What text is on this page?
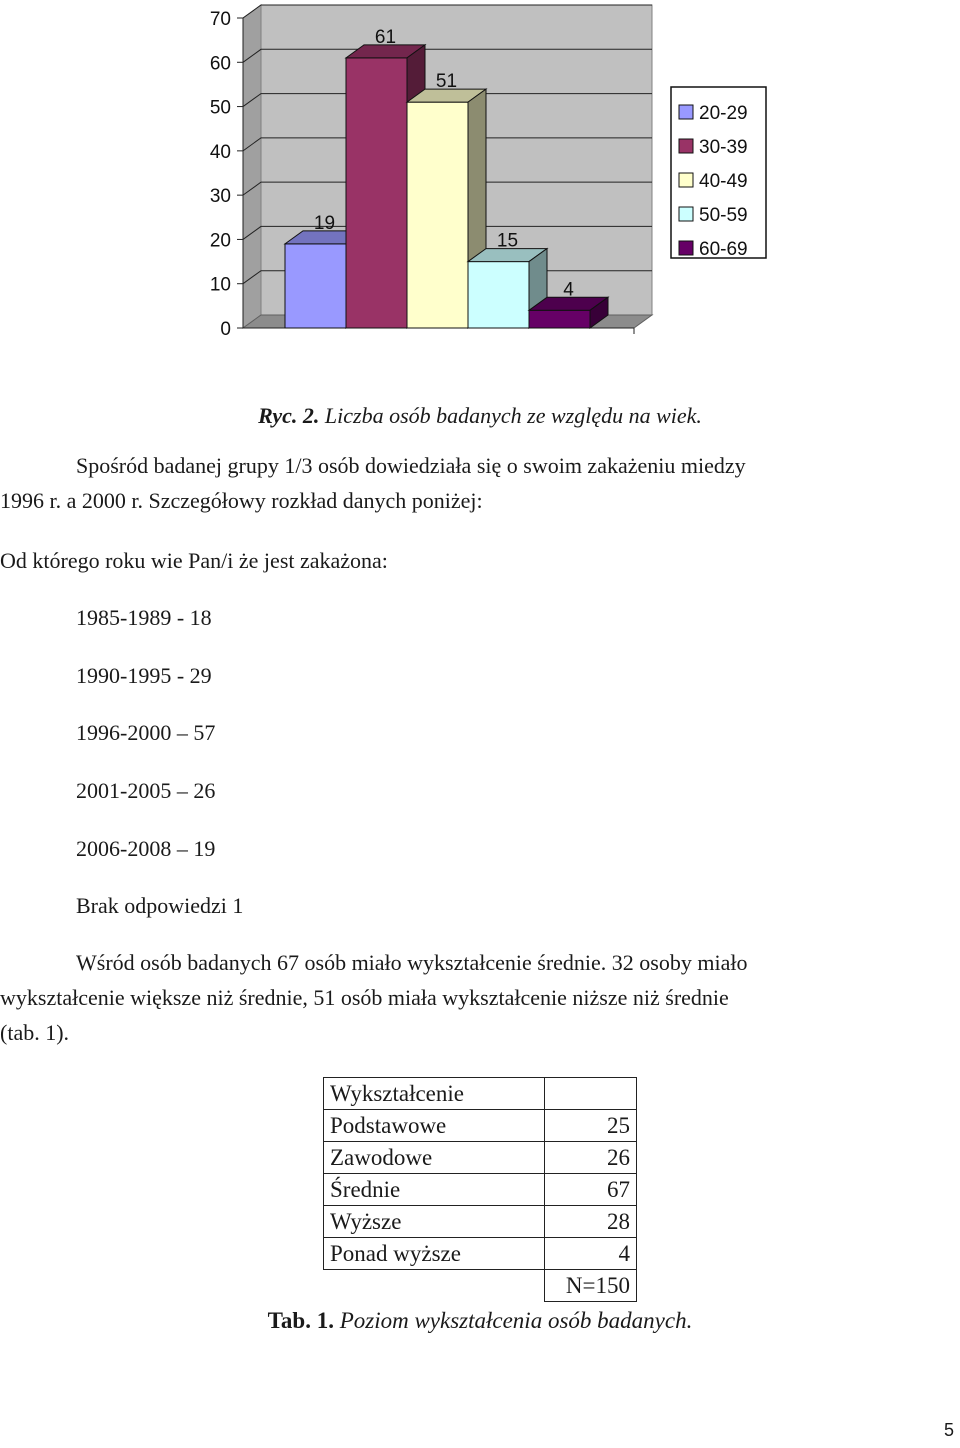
0
10
20
30
40
50
60
70
19
61
51
15
4
20-29
30-39
40-49
50-59
60-69
Ryc. 2. Liczba osób badanych ze względu na wiek.
Spośród badanej grupy 1/3 osób dowiedziała się o swoim zakażeniu miedzy
1996 r. a 2000 r. Szczegółowy rozkład danych poniżej:
Od którego roku wie Pan/i że jest zakażona:
1985-1989 - 18
1990-1995 - 29
1996-2000 – 57
2001-2005 – 26
2006-2008 – 19
Brak odpowiedzi 1
Wśród osób badanych 67 osób miało wykształcenie średnie. 32 osoby miało
wykształcenie większe niż średnie, 51 osób miała wykształcenie niższe niż średnie
(tab. 1).
Wykształcenie	
Podstawowe	25
Zawodowe	26
Średnie	67
Wyższe	28
Ponad wyższe	4
	N=150
Tab. 1. Poziom wykształcenia osób badanych.
5
